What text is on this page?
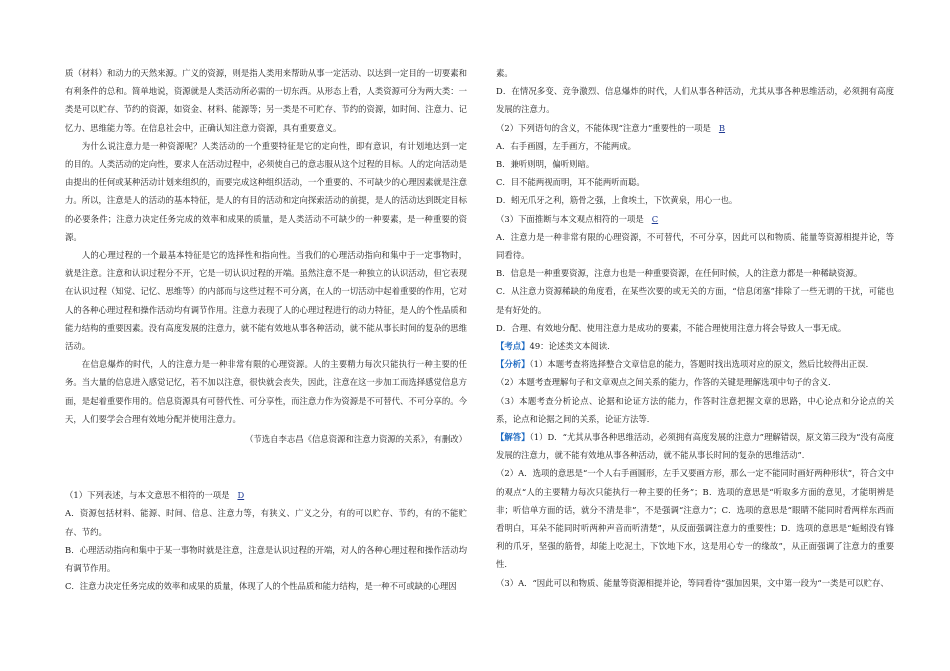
质（材料）和动力的天然来源。广义的资源，则是指人类用来帮助从事一定活动、以达到一定目的一切要素和有利条件的总和。简单地说，资源就是人类活动所必需的一切东西。从形态上看，人类资源可分为两大类：一类是可以贮存、节约的资源，如资金、材料、能源等；另一类是不可贮存、节约的资源，如时间、注意力、记忆力、思维能力等。在信息社会中，正确认知注意力资源，具有重要意义。

为什么说注意力是一种资源呢？人类活动的一个重要特征是它的定向性，即有意识，有计划地达到一定的目的。人类活动的定向性，要求人在活动过程中，必须使自己的意志服从这个过程的目标。人的定向活动是由提出的任何或某种活动计划来组织的，而要完成这种组织活动，一个重要的、不可缺少的心理因素就是注意力。所以，注意是人的活动的基本特征，是人的有目的活动和定向探索活动的前提，是人的活动达到既定目标的必要条件；注意力决定任务完成的效率和成果的质量，是人类活动不可缺少的一种要素，是一种重要的资源。

人的心理过程的一个最基本特征是它的选择性和指向性。当我们的心理活动指向和集中于一定事物时，就是注意。注意和认识过程分不开，它是一切认识过程的开端。虽然注意不是一种独立的认识活动，但它表现在认识过程（知觉、记忆、思维等）的内部而与这些过程不可分离，在人的一切活动中起着重要的作用，它对人的各种心理过程和操作活动均有调节作用。注意力表现了人的心理过程进行的动力特征，是人的个性品质和能力结构的重要因素。没有高度发展的注意力，就不能有效地从事各种活动，就不能从事长时间的复杂的思维活动。

在信息爆炸的时代，人的注意力是一种非常有限的心理资源。人的主要精力每次只能执行一种主要的任务。当大量的信息进入感觉记忆，若不加以注意，很快就会丧失，因此，注意在这一步加工而选择感觉信息方面，是起着重要作用的。信息资源具有可替代性、可分享性，而注意力作为资源是不可替代、不可分享的。今天，人们要学会合理有效地分配并使用注意力。

（节选自李志昌《信息资源和注意力资源的关系》，有删改）

（1）下列表述，与本文意思不相符的一项是 D

A．资源包括材料、能源、时间、信息、注意力等，有狭义、广义之分，有的可以贮存、节约，有的不能贮存、节约。

B．心理活动指向和集中于某一事物时就是注意，注意是认识过程的开端，对人的各种心理过程和操作活动均有调节作用。

C．注意力决定任务完成的效率和成果的质量，体现了人的个性品质和能力结构，是一种不可或缺的心理因

素。

D．在情况多变、竞争激烈、信息爆炸的时代，人们从事各种活动，尤其从事各种思维活动，必须拥有高度发展的注意力。

（2）下列语句的含义，不能体现“注意力”重要性的一项是 B

A．右手画圆，左手画方，不能两成。

B．兼听则明，偏听则暗。

C．目不能两视而明，耳不能两听而聪。

D．蚓无爪牙之利，筋骨之强，上食埃土，下饮黄泉，用心一也。

（3）下面推断与本文观点相符的一项是 C

A．注意力是一种非常有限的心理资源，不可替代，不可分享，因此可以和物质、能量等资源相提并论，等同看待。

B．信息是一种重要资源，注意力也是一种重要资源，在任何时候，人的注意力都是一种稀缺资源。

C．从注意力资源稀缺的角度看，在某些次要的或无关的方面，“信息闭塞”排除了一些无谓的干扰，可能也是有好处的。

D．合理、有效地分配、使用注意力是成功的要素，不能合理使用注意力将会导致人一事无成。

【考点】49：论述类文本阅读．

【分析】（1）本题考查将选择整合文章信息的能力，答题时找出选项对应的原文，然后比较得出正误．

（2）本题考查理解句子和文章观点之间关系的能力，作答的关键是理解选项中句子的含义．

（3）本题考查分析论点、论据和论证方法的能力，作答时注意把握文章的思路，中心论点和分论点的关系，论点和论据之间的关系，论证方法等．

【解答】（1）D．“尤其从事各种思维活动，必须拥有高度发展的注意力”理解错误，原文第三段为“没有高度发展的注意力，就不能有效地从事各种活动，就不能从事长时间的复杂的思维活动”．

（2）A．选项的意思是“一个人右手画圆形，左手又要画方形，那么一定不能同时画好两种形状”，符合文中的观点“人的主要精力每次只能执行一种主要的任务”；B．选项的意思是“听取多方面的意见，才能明辨是非；听信单方面的话，就分不清是非”，不是强调“注意力”；C．选项的意思是“眼睛不能同时看两样东西而看明白，耳朵不能同时听两种声音而听清楚”，从反面强调注意力的重要性；D．选项的意思是“蚯蚓没有锋利的爪牙，坚强的筋骨，却能上吃泥土，下饮地下水，这是用心专一的缘故”，从正面强调了注意力的重要性．

（3）A．“因此可以和物质、能量等资源相提并论，等同看待”强加因果，文中第一段为“一类是可以贮存、
